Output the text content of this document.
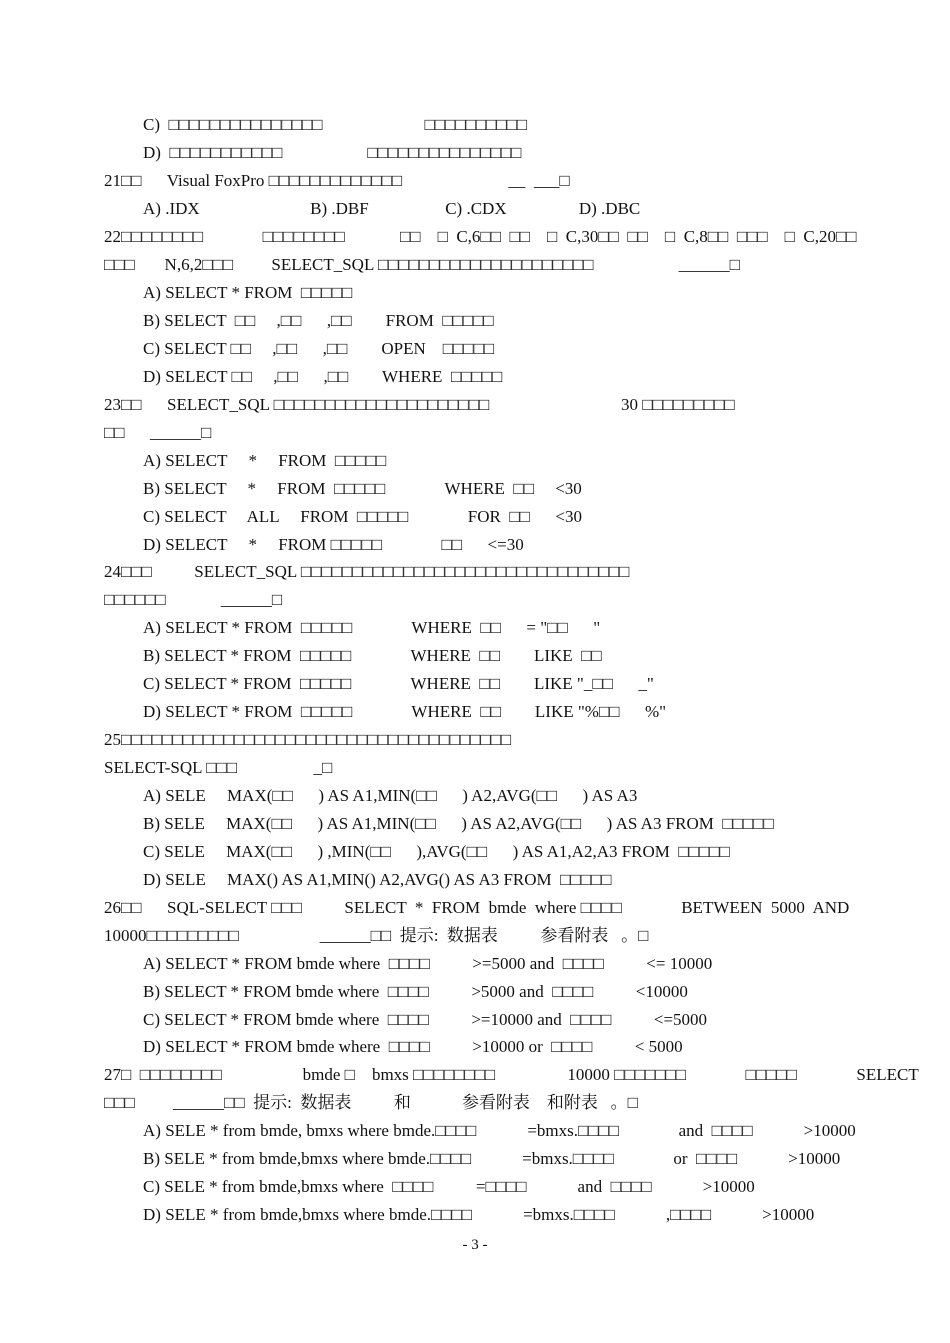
C)  □□□□□□□□□□□□□□□                        □□□□□□□□□□
D)  □□□□□□□□□□□                    □□□□□□□□□□□□□□□
21□□      Visual FoxPro □□□□□□□□□□□□□                         __  ___□
A) .IDX                          B) .DBF                  C) .CDX                 D) .DBC
22□□□□□□□□              □□□□□□□□             □□    □  C,6□□  □□    □  C,30□□  □□    □  C,8□□  □□□    □  C,20□□
□□□       N,6,2□□□         SELECT_SQL □□□□□□□□□□□□□□□□□□□□□                    ______□
A) SELECT * FROM  □□□□□
B) SELECT  □□     ,□□      ,□□        FROM  □□□□□
C) SELECT □□     ,□□      ,□□        OPEN    □□□□□
D) SELECT □□     ,□□      ,□□        WHERE  □□□□□
23□□      SELECT_SQL □□□□□□□□□□□□□□□□□□□□□                               30 □□□□□□□□□
□□      ______□
A) SELECT     *     FROM  □□□□□
B) SELECT     *     FROM  □□□□□              WHERE  □□     <30
C) SELECT     ALL     FROM  □□□□□              FOR  □□      <30
D) SELECT     *     FROM □□□□□              □□      <=30
24□□□          SELECT_SQL □□□□□□□□□□□□□□□□□□□□□□□□□□□□□□□□
□□□□□□             ______□
A) SELECT * FROM  □□□□□              WHERE  □□      = "□□      "
B) SELECT * FROM  □□□□□              WHERE  □□        LIKE  □□
C) SELECT * FROM  □□□□□              WHERE  □□        LIKE "_□□      _"
D) SELECT * FROM  □□□□□              WHERE  □□        LIKE "%□□      %"
25□□□□□□□□□□□□□□□□□□□□□□□□□□□□□□□□□□□□□□
SELECT-SQL □□□                  _□
A) SELE     MAX(□□      ) AS A1,MIN(□□      ) A2,AVG(□□      ) AS A3
B) SELE     MAX(□□      ) AS A1,MIN(□□      ) AS A2,AVG(□□      ) AS A3 FROM  □□□□□
C) SELE     MAX(□□      ) ,MIN(□□      ),AVG(□□      ) AS A1,A2,A3 FROM  □□□□□
D) SELE     MAX() AS A1,MIN() A2,AVG() AS A3 FROM  □□□□□
26□□      SQL-SELECT □□□          SELECT  *  FROM  bmde  where □□□□              BETWEEN  5000  AND
10000□□□□□□□□□                   ______□□  提示:  数据表          参看附表   。□
A) SELECT * FROM bmde where  □□□□          >=5000 and  □□□□          <= 10000
B) SELECT * FROM bmde where  □□□□          >5000 and  □□□□          <10000
C) SELECT * FROM bmde where  □□□□          >=10000 and  □□□□          <=5000
D) SELECT * FROM bmde where  □□□□          >10000 or  □□□□          < 5000
27□  □□□□□□□□                   bmde □    bmxs □□□□□□□□                 10000 □□□□□□□              □□□□□              SELECT
□□□         ______□□  提示:  数据表          和            参看附表    和附表   。□
A) SELE * from bmde, bmxs where bmde.□□□□            =bmxs.□□□□              and  □□□□            >10000
B) SELE * from bmde,bmxs where bmde.□□□□            =bmxs.□□□□              or  □□□□            >10000
C) SELE * from bmde,bmxs where  □□□□          =□□□□            and  □□□□            >10000
D) SELE * from bmde,bmxs where bmde.□□□□            =bmxs.□□□□            ,□□□□            >10000
- 3 -
